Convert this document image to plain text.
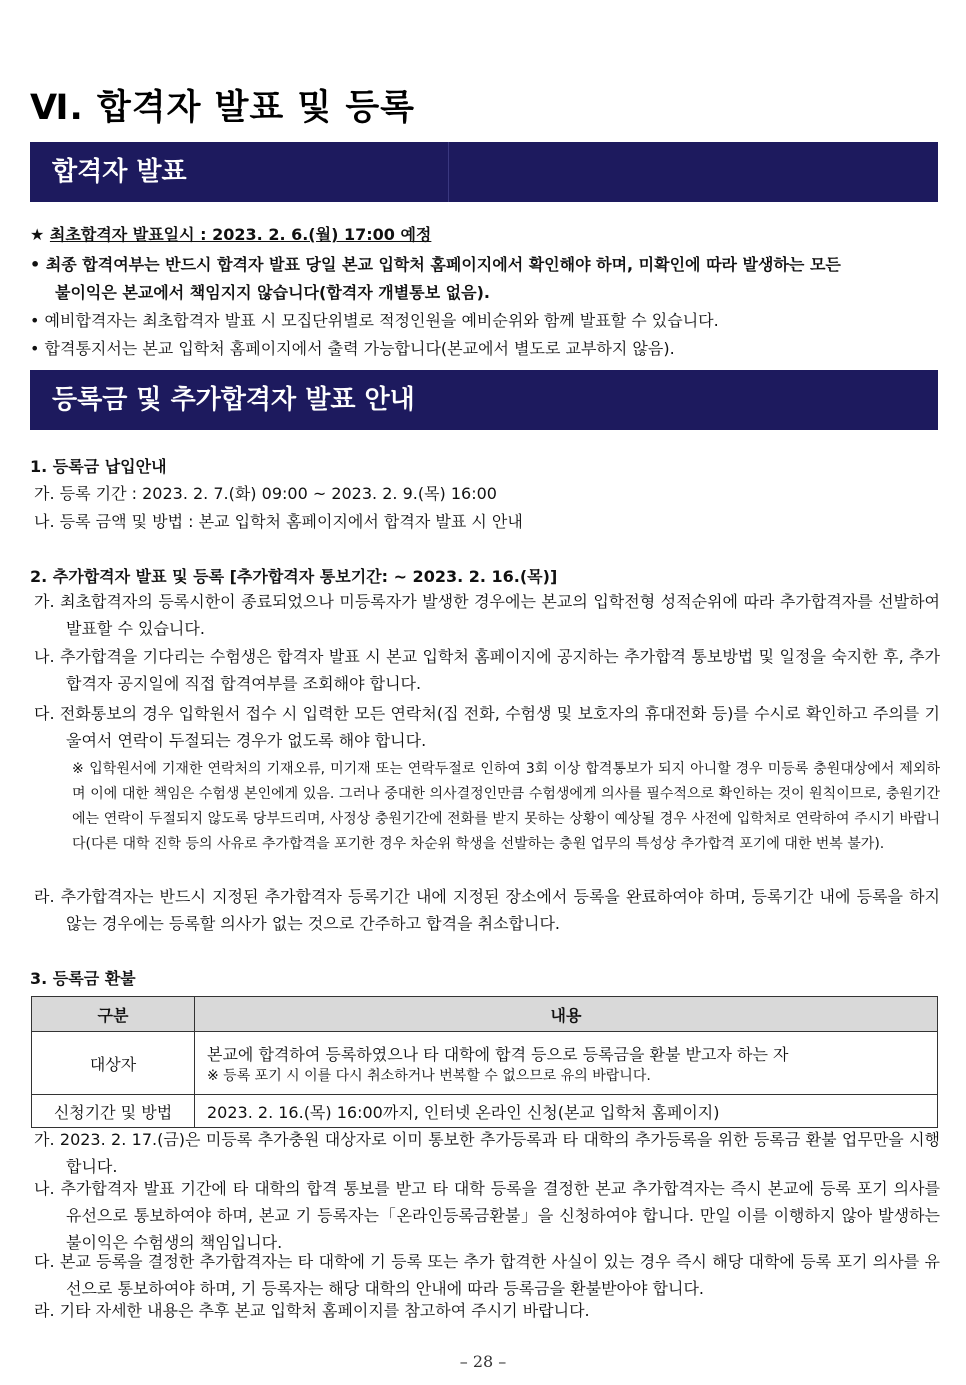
Ⅵ. 합격자 발표 및 등록
합격자 발표
★ 최초합격자 발표일시 : 2023. 2. 6.(월) 17:00 예정
• 최종 합격여부는 반드시 합격자 발표 당일 본교 입학처 홈페이지에서 확인해야 하며, 미확인에 따라 발생하는 모든
불이익은 본교에서 책임지지 않습니다(합격자 개별통보 없음).
• 예비합격자는 최초합격자 발표 시 모집단위별로 적정인원을 예비순위와 함께 발표할 수 있습니다.
• 합격통지서는 본교 입학처 홈페이지에서 출력 가능합니다(본교에서 별도로 교부하지 않음).
등록금 및 추가합격자 발표 안내
1. 등록금 납입안내
가. 등록 기간 : 2023. 2. 7.(화) 09:00 ~ 2023. 2. 9.(목) 16:00
나. 등록 금액 및 방법 : 본교 입학처 홈페이지에서 합격자 발표 시 안내
2. 추가합격자 발표 및 등록 [추가합격자 통보기간: ~ 2023. 2. 16.(목)]
가. 최초합격자의 등록시한이 종료되었으나 미등록자가 발생한 경우에는 본교의 입학전형 성적순위에 따라 추가합격자를 선발하여 발표할 수 있습니다.
나. 추가합격을 기다리는 수험생은 합격자 발표 시 본교 입학처 홈페이지에 공지하는 추가합격 통보방법 및 일정을 숙지한 후, 추가합격자 공지일에 직접 합격여부를 조회해야 합니다.
다. 전화통보의 경우 입학원서 접수 시 입력한 모든 연락처(집 전화, 수험생 및 보호자의 휴대전화 등)를 수시로 확인하고 주의를 기울여서 연락이 두절되는 경우가 없도록 해야 합니다.
※ 입학원서에 기재한 연락처의 기재오류, 미기재 또는 연락두절로 인하여 3회 이상 합격통보가 되지 아니할 경우 미등록 충원대상에서 제외하며 이에 대한 책임은 수험생 본인에게 있음. 그러나 중대한 의사결정인만큼 수험생에게 의사를 필수적으로 확인하는 것이 원칙이므로, 충원기간에는 연락이 두절되지 않도록 당부드리며, 사정상 충원기간에 전화를 받지 못하는 상황이 예상될 경우 사전에 입학처로 연락하여 주시기 바랍니다(다른 대학 진학 등의 사유로 추가합격을 포기한 경우 차순위 학생을 선발하는 충원 업무의 특성상 추가합격 포기에 대한 번복 불가).
라. 추가합격자는 반드시 지정된 추가합격자 등록기간 내에 지정된 장소에서 등록을 완료하여야 하며, 등록기간 내에 등록을 하지 않는 경우에는 등록할 의사가 없는 것으로 간주하고 합격을 취소합니다.
3. 등록금 환불
구분	내용
대상자	본교에 합격하여 등록하였으나 타 대학에 합격 등으로 등록금을 환불 받고자 하는 자
※ 등록 포기 시 이를 다시 취소하거나 번복할 수 없으므로 유의 바랍니다.

신청기간 및 방법	2023. 2. 16.(목) 16:00까지, 인터넷 온라인 신청(본교 입학처 홈페이지)
가. 2023. 2. 17.(금)은 미등록 추가충원 대상자로 이미 통보한 추가등록과 타 대학의 추가등록을 위한 등록금 환불 업무만을 시행합니다.
나. 추가합격자 발표 기간에 타 대학의 합격 통보를 받고 타 대학 등록을 결정한 본교 추가합격자는 즉시 본교에 등록 포기 의사를 유선으로 통보하여야 하며, 본교 기 등록자는「온라인등록금환불」을 신청하여야 합니다. 만일 이를 이행하지 않아 발생하는 불이익은 수험생의 책임입니다.
다. 본교 등록을 결정한 추가합격자는 타 대학에 기 등록 또는 추가 합격한 사실이 있는 경우 즉시 해당 대학에 등록 포기 의사를 유선으로 통보하여야 하며, 기 등록자는 해당 대학의 안내에 따라 등록금을 환불받아야 합니다.
라. 기타 자세한 내용은 추후 본교 입학처 홈페이지를 참고하여 주시기 바랍니다.
– 28 –
